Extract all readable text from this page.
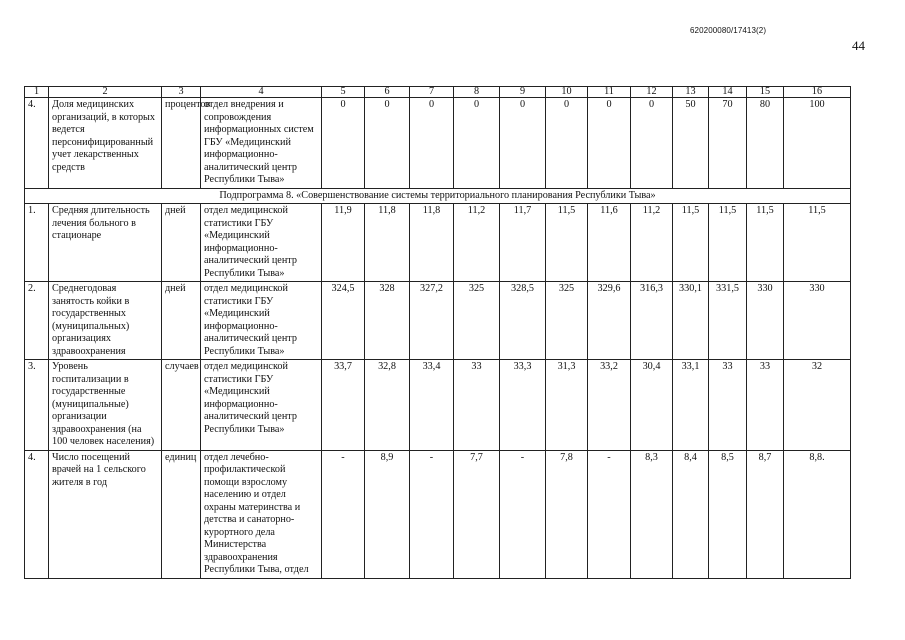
620200080/17413(2)
44
1	2	3	4	5	6	7	8	9	10	11	12	13	14	15	16
4.	Доля медицинских организаций, в которых ведется персонифицированный учет лекарственных средств	процентов	отдел внедрения и сопровождения информационных систем ГБУ «Медицинский информационно-аналитический центр Республики Тыва»	0	0	0	0	0	0	0	0	50	70	80	100
Подпрограмма 8. «Совершенствование системы территориального планирования Республики Тыва»															
1.	Средняя длительность лечения больного в стационаре	дней	отдел медицинской статистики ГБУ «Медицинский информационно-аналитический центр Республики Тыва»	11,9	11,8	11,8	11,2	11,7	11,5	11,6	11,2	11,5	11,5	11,5	11,5
2.	Среднегодовая занятость койки в государственных (муниципальных) организациях здравоохранения	дней	отдел медицинской статистики ГБУ «Медицинский информационно-аналитический центр Республики Тыва»	324,5	328	327,2	325	328,5	325	329,6	316,3	330,1	331,5	330	330
3.	Уровень госпитализации в государственные (муниципальные) организации здравоохранения (на 100 человек населения)	случаев	отдел медицинской статистики ГБУ «Медицинский информационно-аналитический центр Республики Тыва»	33,7	32,8	33,4	33	33,3	31,3	33,2	30,4	33,1	33	33	32
4.	Число посещений врачей на 1 сельского жителя в год	единиц	отдел лечебно-профилактической помощи взрослому населению и отдел охраны материнства и детства и санаторно-курортного дела Министерства здравоохранения Республики Тыва, отдел	-	8,9	-	7,7	-	7,8	-	8,3	8,4	8,5	8,7	8,8.
